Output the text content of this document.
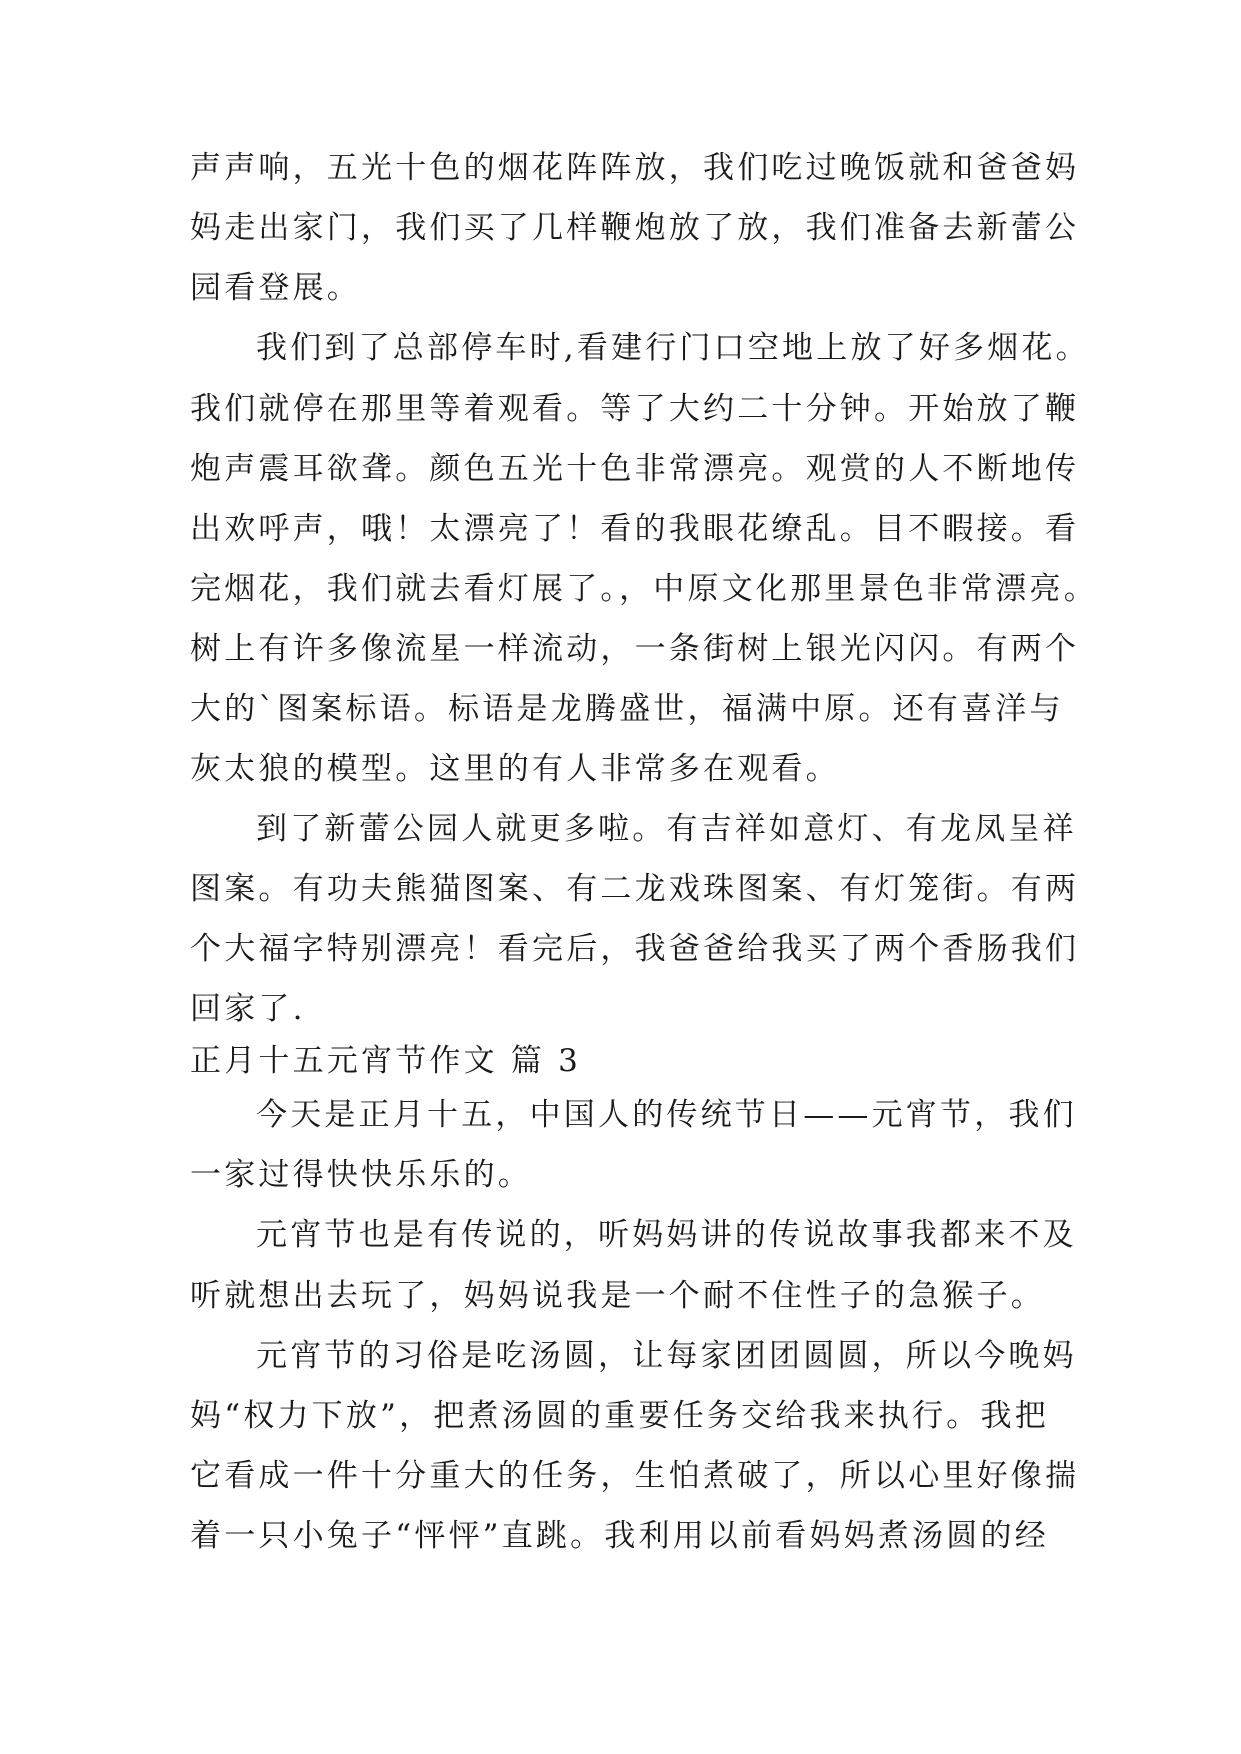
声声响，五光十色的烟花阵阵放，我们吃过晚饭就和爸爸妈

妈走出家门，我们买了几样鞭炮放了放，我们准备去新蕾公

园看登展。

我们到了总部停车时,看建行门口空地上放了好多烟花。

我们就停在那里等着观看。等了大约二十分钟。开始放了鞭

炮声震耳欲聋。颜色五光十色非常漂亮。观赏的人不断地传

出欢呼声，哦！太漂亮了！看的我眼花缭乱。目不暇接。看

完烟花，我们就去看灯展了。，中原文化那里景色非常漂亮。

树上有许多像流星一样流动，一条街树上银光闪闪。有两个

大的`图案标语。标语是龙腾盛世，福满中原。还有喜洋与

灰太狼的模型。这里的有人非常多在观看。

到了新蕾公园人就更多啦。有吉祥如意灯、有龙凤呈祥

图案。有功夫熊猫图案、有二龙戏珠图案、有灯笼街。有两

个大福字特别漂亮！看完后，我爸爸给我买了两个香肠我们

回家了.

正月十五元宵节作文 篇 3

今天是正月十五，中国人的传统节日——元宵节，我们

一家过得快快乐乐的。

元宵节也是有传说的，听妈妈讲的传说故事我都来不及

听就想出去玩了，妈妈说我是一个耐不住性子的急猴子。

元宵节的习俗是吃汤圆，让每家团团圆圆，所以今晚妈

妈“权力下放”，把煮汤圆的重要任务交给我来执行。我把

它看成一件十分重大的任务，生怕煮破了，所以心里好像揣

着一只小兔子“怦怦”直跳。我利用以前看妈妈煮汤圆的经
